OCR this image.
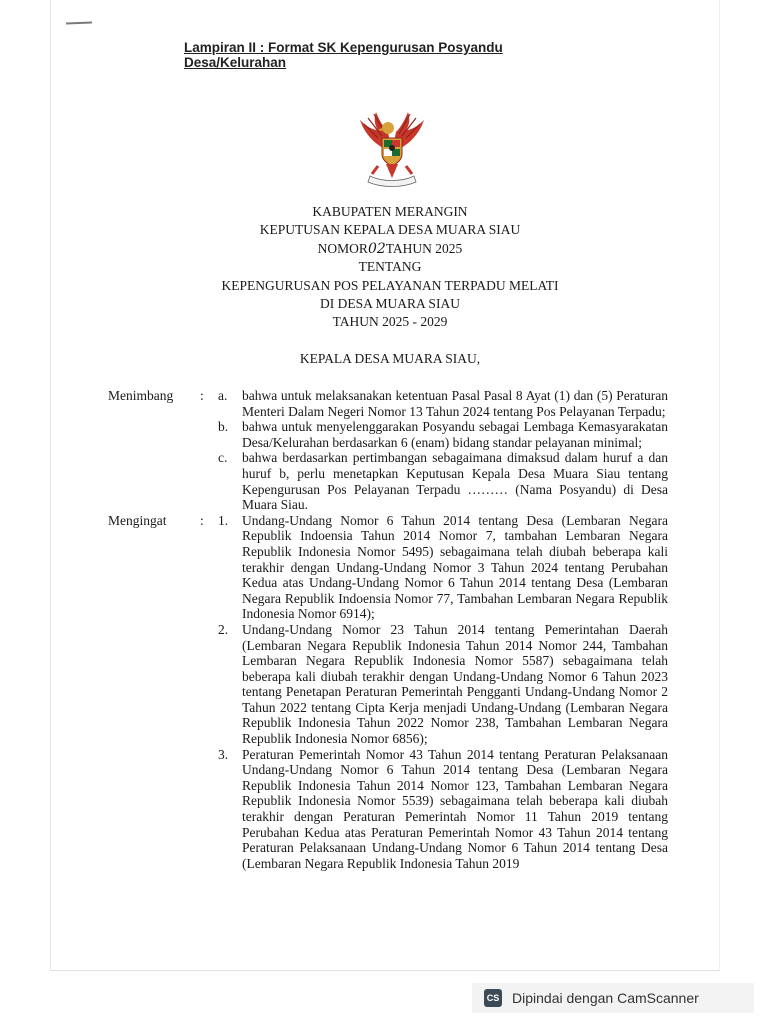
Lampiran II : Format SK Kepengurusan Posyandu Desa/Kelurahan
KABUPATEN MERANGIN
KEPUTUSAN KEPALA DESA MUARA SIAU
NOMOR02TAHUN 2025
TENTANG
KEPENGURUSAN POS PELAYANAN TERPADU MELATI
DI DESA MUARA SIAU
TAHUN 2025 - 2029
KEPALA DESA MUARA SIAU,
Menimbang	:	a.	bahwa untuk melaksanakan ketentuan Pasal Pasal 8 Ayat (1) dan (5) Peraturan Menteri Dalam Negeri Nomor 13 Tahun 2024 tentang Pos Pelayanan Terpadu;
b.	bahwa untuk menyelenggarakan Posyandu sebagai Lembaga Kemasyarakatan Desa/Kelurahan berdasarkan 6 (enam) bidang standar pelayanan minimal;
c.	bahwa berdasarkan pertimbangan sebagaimana dimaksud dalam huruf a dan huruf b, perlu menetapkan Keputusan Kepala Desa Muara Siau tentang Kepengurusan Pos Pelayanan Terpadu ……… (Nama Posyandu) di Desa Muara Siau.
Mengingat	:	1.	Undang-Undang Nomor 6 Tahun 2014 tentang Desa (Lembaran Negara Republik Indoensia Tahun 2014 Nomor 7, tambahan Lembaran Negara Republik Indonesia Nomor 5495) sebagaimana telah diubah beberapa kali terakhir dengan Undang-Undang Nomor 3 Tahun 2024 tentang Perubahan Kedua atas Undang-Undang Nomor 6 Tahun 2014 tentang Desa (Lembaran Negara Republik Indoensia Nomor 77, Tambahan Lembaran Negara Republik Indonesia Nomor 6914);
2.	Undang-Undang Nomor 23 Tahun 2014 tentang Pemerintahan Daerah (Lembaran Negara Republik Indonesia Tahun 2014 Nomor 244, Tambahan Lembaran Negara Republik Indonesia Nomor 5587) sebagaimana telah beberapa kali diubah terakhir dengan Undang-Undang Nomor 6 Tahun 2023 tentang Penetapan Peraturan Pemerintah Pengganti Undang-Undang Nomor 2 Tahun 2022 tentang Cipta Kerja menjadi Undang-Undang (Lembaran Negara Republik Indonesia Tahun 2022 Nomor 238, Tambahan Lembaran Negara Republik Indonesia Nomor 6856);
3.	Peraturan Pemerintah Nomor 43 Tahun 2014 tentang Peraturan Pelaksanaan Undang-Undang Nomor 6 Tahun 2014 tentang Desa (Lembaran Negara Republik Indonesia Tahun 2014 Nomor 123, Tambahan Lembaran Negara Republik Indonesia Nomor 5539) sebagaimana telah beberapa kali diubah terakhir dengan Peraturan Pemerintah Nomor 11 Tahun 2019 tentang Perubahan Kedua atas Peraturan Pemerintah Nomor 43 Tahun 2014 tentang Peraturan Pelaksanaan Undang-Undang Nomor 6 Tahun 2014 tentang Desa (Lembaran Negara Republik Indonesia Tahun 2019
CS Dipindai dengan CamScanner
